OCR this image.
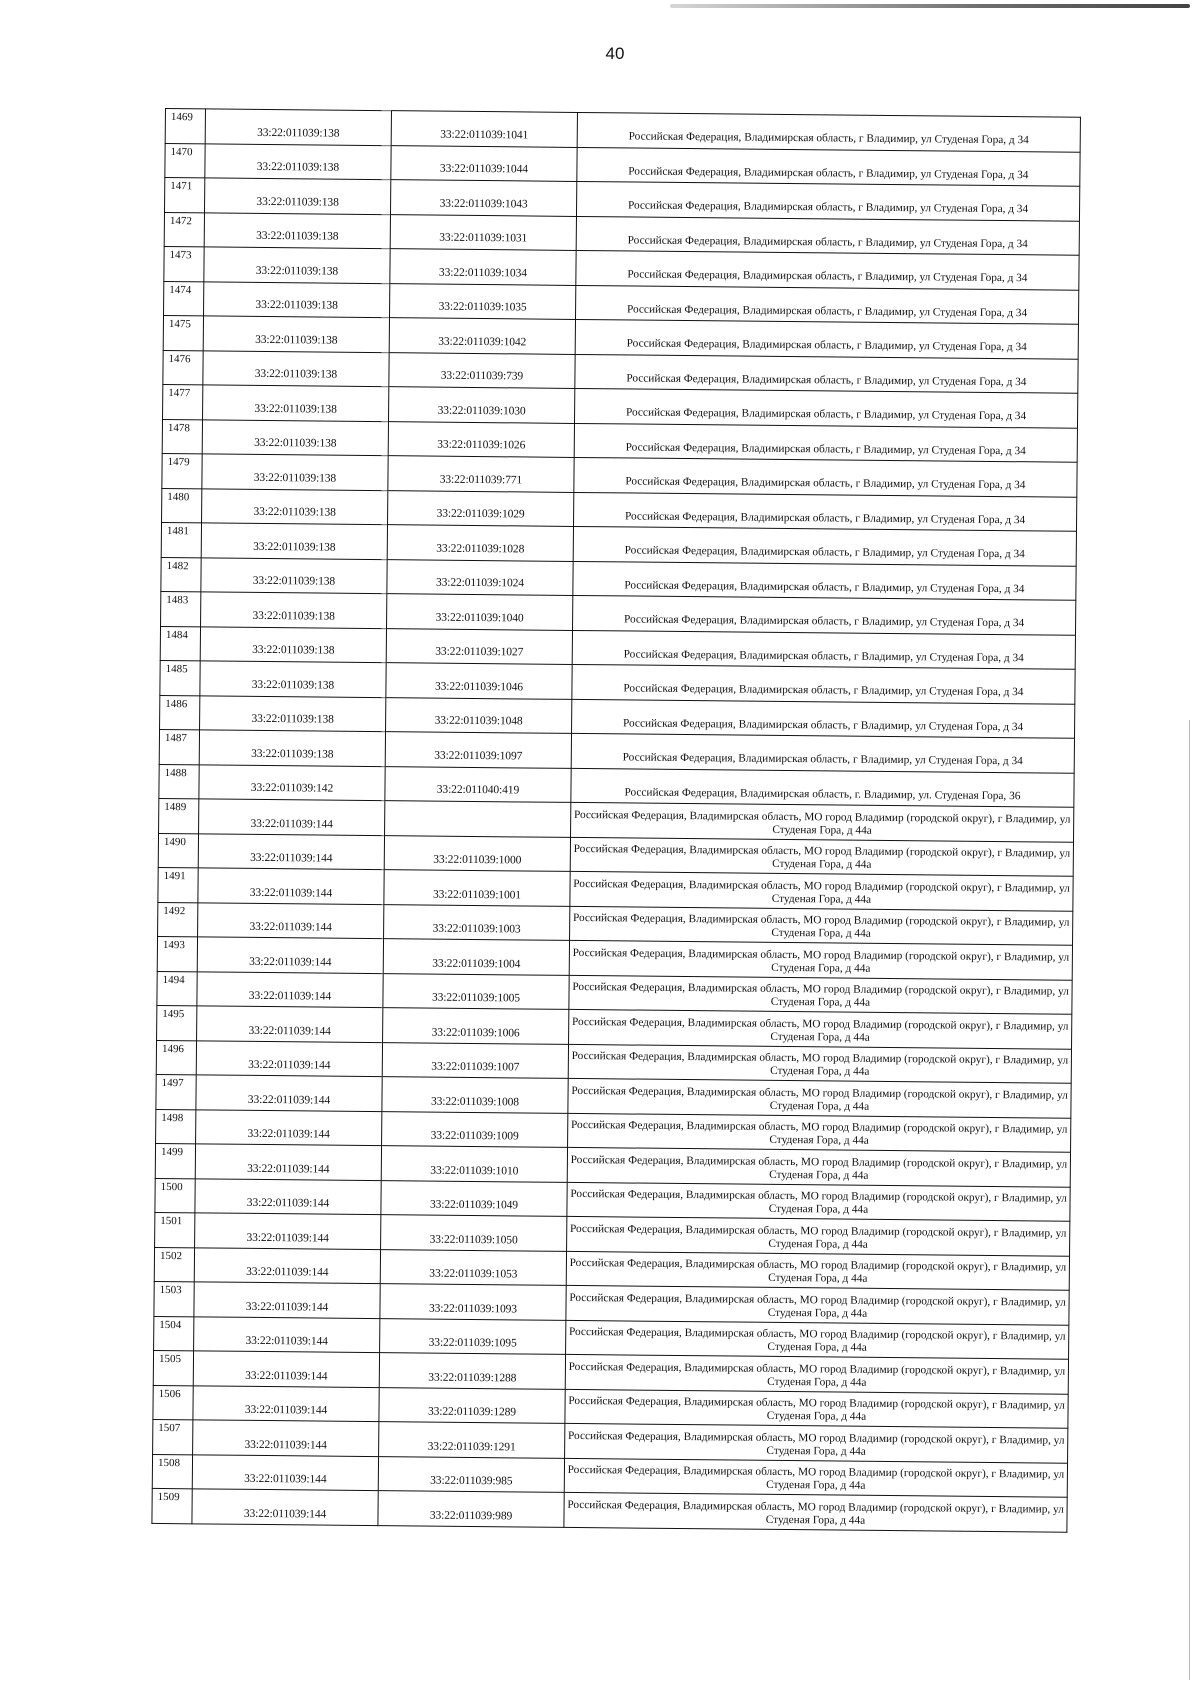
40
1469	33:22:011039:138	33:22:011039:1041	Российская Федерация, Владимирская область, г Владимир, ул Студеная Гора, д 34
1470	33:22:011039:138	33:22:011039:1044	Российская Федерация, Владимирская область, г Владимир, ул Студеная Гора, д 34
1471	33:22:011039:138	33:22:011039:1043	Российская Федерация, Владимирская область, г Владимир, ул Студеная Гора, д 34
1472	33:22:011039:138	33:22:011039:1031	Российская Федерация, Владимирская область, г Владимир, ул Студеная Гора, д 34
1473	33:22:011039:138	33:22:011039:1034	Российская Федерация, Владимирская область, г Владимир, ул Студеная Гора, д 34
1474	33:22:011039:138	33:22:011039:1035	Российская Федерация, Владимирская область, г Владимир, ул Студеная Гора, д 34
1475	33:22:011039:138	33:22:011039:1042	Российская Федерация, Владимирская область, г Владимир, ул Студеная Гора, д 34
1476	33:22:011039:138	33:22:011039:739	Российская Федерация, Владимирская область, г Владимир, ул Студеная Гора, д 34
1477	33:22:011039:138	33:22:011039:1030	Российская Федерация, Владимирская область, г Владимир, ул Студеная Гора, д 34
1478	33:22:011039:138	33:22:011039:1026	Российская Федерация, Владимирская область, г Владимир, ул Студеная Гора, д 34
1479	33:22:011039:138	33:22:011039:771	Российская Федерация, Владимирская область, г Владимир, ул Студеная Гора, д 34
1480	33:22:011039:138	33:22:011039:1029	Российская Федерация, Владимирская область, г Владимир, ул Студеная Гора, д 34
1481	33:22:011039:138	33:22:011039:1028	Российская Федерация, Владимирская область, г Владимир, ул Студеная Гора, д 34
1482	33:22:011039:138	33:22:011039:1024	Российская Федерация, Владимирская область, г Владимир, ул Студеная Гора, д 34
1483	33:22:011039:138	33:22:011039:1040	Российская Федерация, Владимирская область, г Владимир, ул Студеная Гора, д 34
1484	33:22:011039:138	33:22:011039:1027	Российская Федерация, Владимирская область, г Владимир, ул Студеная Гора, д 34
1485	33:22:011039:138	33:22:011039:1046	Российская Федерация, Владимирская область, г Владимир, ул Студеная Гора, д 34
1486	33:22:011039:138	33:22:011039:1048	Российская Федерация, Владимирская область, г Владимир, ул Студеная Гора, д 34
1487	33:22:011039:138	33:22:011039:1097	Российская Федерация, Владимирская область, г Владимир, ул Студеная Гора, д 34
1488	33:22:011039:142	33:22:011040:419	Российская Федерация, Владимирская область, г. Владимир, ул. Студеная Гора, 36
1489	33:22:011039:144		Российская Федерация, Владимирская область, МО город Владимир (городской округ), г Владимир, ул Студеная Гора, д 44а
1490	33:22:011039:144	33:22:011039:1000	Российская Федерация, Владимирская область, МО город Владимир (городской округ), г Владимир, ул Студеная Гора, д 44а
1491	33:22:011039:144	33:22:011039:1001	Российская Федерация, Владимирская область, МО город Владимир (городской округ), г Владимир, ул Студеная Гора, д 44а
1492	33:22:011039:144	33:22:011039:1003	Российская Федерация, Владимирская область, МО город Владимир (городской округ), г Владимир, ул Студеная Гора, д 44а
1493	33:22:011039:144	33:22:011039:1004	Российская Федерация, Владимирская область, МО город Владимир (городской округ), г Владимир, ул Студеная Гора, д 44а
1494	33:22:011039:144	33:22:011039:1005	Российская Федерация, Владимирская область, МО город Владимир (городской округ), г Владимир, ул Студеная Гора, д 44а
1495	33:22:011039:144	33:22:011039:1006	Российская Федерация, Владимирская область, МО город Владимир (городской округ), г Владимир, ул Студеная Гора, д 44а
1496	33:22:011039:144	33:22:011039:1007	Российская Федерация, Владимирская область, МО город Владимир (городской округ), г Владимир, ул Студеная Гора, д 44а
1497	33:22:011039:144	33:22:011039:1008	Российская Федерация, Владимирская область, МО город Владимир (городской округ), г Владимир, ул Студеная Гора, д 44а
1498	33:22:011039:144	33:22:011039:1009	Российская Федерация, Владимирская область, МО город Владимир (городской округ), г Владимир, ул Студеная Гора, д 44а
1499	33:22:011039:144	33:22:011039:1010	Российская Федерация, Владимирская область, МО город Владимир (городской округ), г Владимир, ул Студеная Гора, д 44а
1500	33:22:011039:144	33:22:011039:1049	Российская Федерация, Владимирская область, МО город Владимир (городской округ), г Владимир, ул Студеная Гора, д 44а
1501	33:22:011039:144	33:22:011039:1050	Российская Федерация, Владимирская область, МО город Владимир (городской округ), г Владимир, ул Студеная Гора, д 44а
1502	33:22:011039:144	33:22:011039:1053	Российская Федерация, Владимирская область, МО город Владимир (городской округ), г Владимир, ул Студеная Гора, д 44а
1503	33:22:011039:144	33:22:011039:1093	Российская Федерация, Владимирская область, МО город Владимир (городской округ), г Владимир, ул Студеная Гора, д 44а
1504	33:22:011039:144	33:22:011039:1095	Российская Федерация, Владимирская область, МО город Владимир (городской округ), г Владимир, ул Студеная Гора, д 44а
1505	33:22:011039:144	33:22:011039:1288	Российская Федерация, Владимирская область, МО город Владимир (городской округ), г Владимир, ул Студеная Гора, д 44а
1506	33:22:011039:144	33:22:011039:1289	Российская Федерация, Владимирская область, МО город Владимир (городской округ), г Владимир, ул Студеная Гора, д 44а
1507	33:22:011039:144	33:22:011039:1291	Российская Федерация, Владимирская область, МО город Владимир (городской округ), г Владимир, ул Студеная Гора, д 44а
1508	33:22:011039:144	33:22:011039:985	Российская Федерация, Владимирская область, МО город Владимир (городской округ), г Владимир, ул Студеная Гора, д 44а
1509	33:22:011039:144	33:22:011039:989	Российская Федерация, Владимирская область, МО город Владимир (городской округ), г Владимир, ул Студеная Гора, д 44а
